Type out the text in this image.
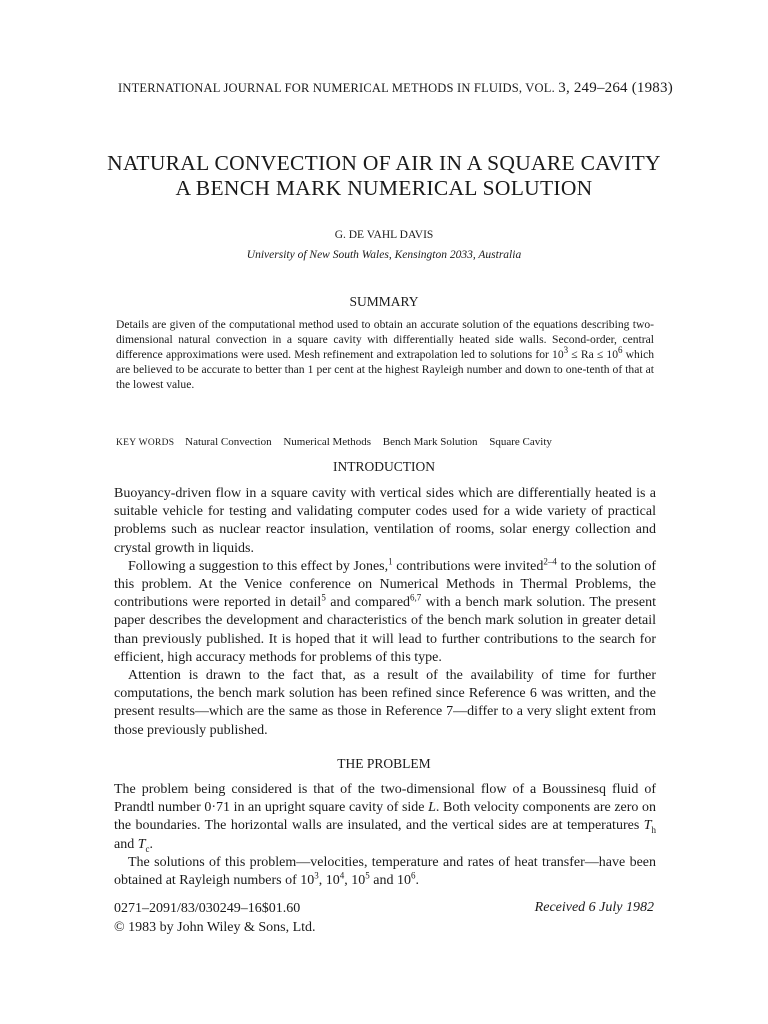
INTERNATIONAL JOURNAL FOR NUMERICAL METHODS IN FLUIDS, VOL. 3, 249–264 (1983)
NATURAL CONVECTION OF AIR IN A SQUARE CAVITY
A BENCH MARK NUMERICAL SOLUTION
G. DE VAHL DAVIS
University of New South Wales, Kensington 2033, Australia
SUMMARY

Details are given of the computational method used to obtain an accurate solution of the equations describing two-dimensional natural convection in a square cavity with differentially heated side walls. Second-order, central difference approximations were used. Mesh refinement and extrapolation led to solutions for $10^3 \le Ra \le 10^6$ which are believed to be accurate to better than 1 per cent at the highest Rayleigh number and down to one-tenth of that at the lowest value.

KEY WORDS Natural Convection Numerical Methods Bench Mark Solution Square Cavity
INTRODUCTION

Buoyancy-driven flow in a square cavity with vertical sides which are differentially heated is a suitable vehicle for testing and validating computer codes used for a wide variety of practical problems such as nuclear reactor insulation, ventilation of rooms, solar energy collection and crystal growth in liquids.

Following a suggestion to this effect by Jones,$^1$ contributions were invited$^{2-4}$ to the solution of this problem. At the Venice conference on Numerical Methods in Thermal Problems, the contributions were reported in detail$^5$ and compared$^{6,7}$ with a bench mark solution. The present paper describes the development and characteristics of the bench mark solution in greater detail than previously published. It is hoped that it will lead to further contributions to the search for efficient, high accuracy methods for problems of this type.

Attention is drawn to the fact that, as a result of the availability of time for further computations, the bench mark solution has been refined since Reference 6 was written, and the present results—which are the same as those in Reference 7—differ to a very slight extent from those previously published.

THE PROBLEM

The problem being considered is that of the two-dimensional flow of a Boussinesq fluid of Prandtl number 0·71 in an upright square cavity of side L. Both velocity components are zero on the boundaries. The horizontal walls are insulated, and the vertical sides are at temperatures $T_h$ and $T_c$.

The solutions of this problem—velocities, temperature and rates of heat transfer—have been obtained at Rayleigh numbers of $10^3$, $10^4$, $10^5$ and $10^6$.

0271–2091/83/030249–16$01.60
© 1983 by John Wiley & Sons, Ltd.
Received 6 July 1982
